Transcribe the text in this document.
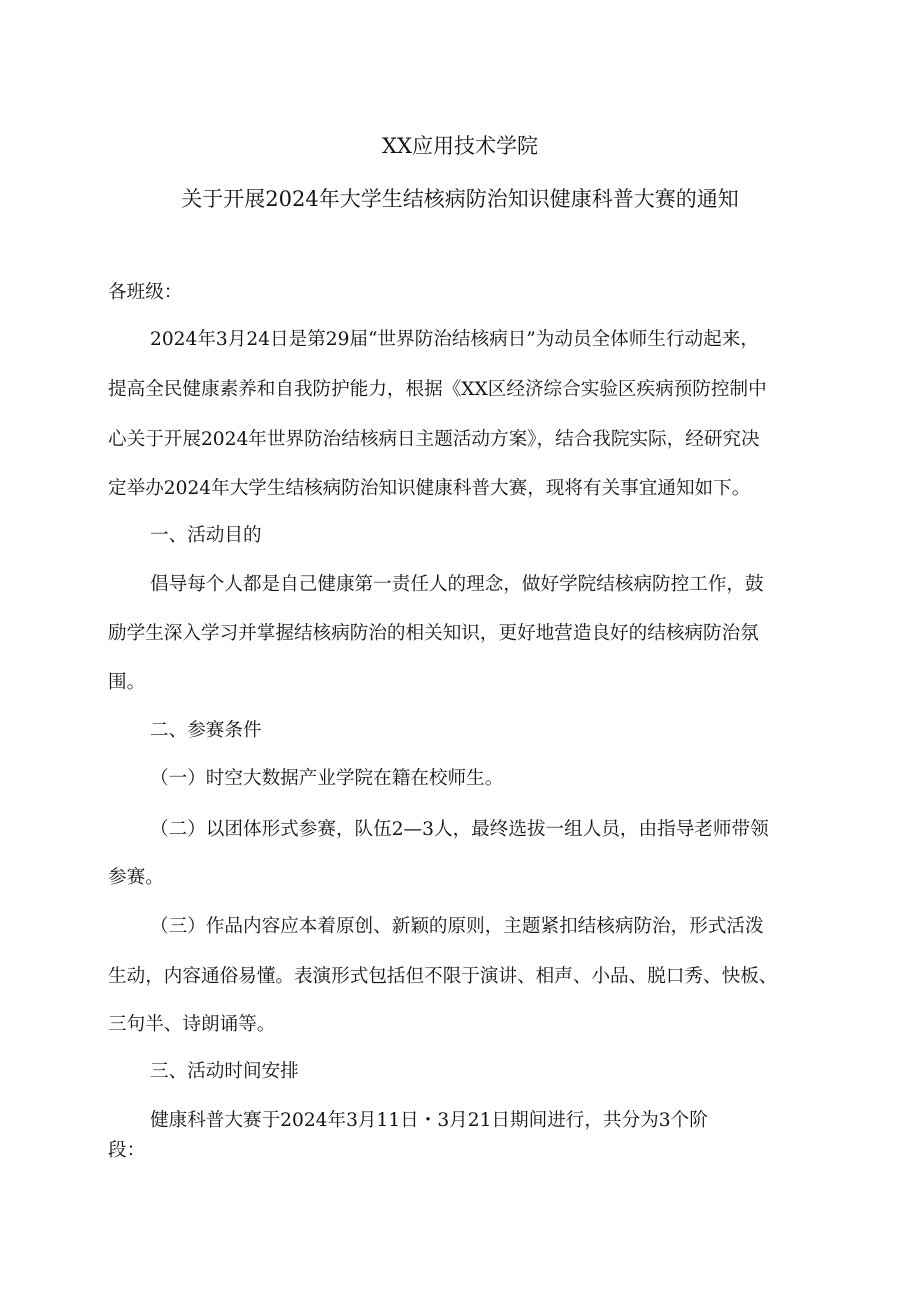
XX应用技术学院
关于开展2024年大学生结核病防治知识健康科普大赛的通知
各班级：
2024年3月24日是第29届“世界防治结核病日”为动员全体师生行动起来，
提高全民健康素养和自我防护能力，根据《XX区经济综合实验区疾病预防控制中
心关于开展2024年世界防治结核病日主题活动方案》，结合我院实际，经研究决
定举办2024年大学生结核病防治知识健康科普大赛，现将有关事宜通知如下。
一、活动目的
倡导每个人都是自己健康第一责任人的理念，做好学院结核病防控工作，鼓
励学生深入学习并掌握结核病防治的相关知识，更好地营造良好的结核病防治氛
围。
二、参赛条件
（一）时空大数据产业学院在籍在校师生。
（二）以团体形式参赛，队伍2—3人，最终选拔一组人员，由指导老师带领
参赛。
（三）作品内容应本着原创、新颖的原则，主题紧扣结核病防治，形式活泼
生动，内容通俗易懂。表演形式包括但不限于演讲、相声、小品、脱口秀、快板、
三句半、诗朗诵等。
三、活动时间安排
健康科普大赛于2024年3月11日・3月21日期间进行，共分为3个阶
段：
